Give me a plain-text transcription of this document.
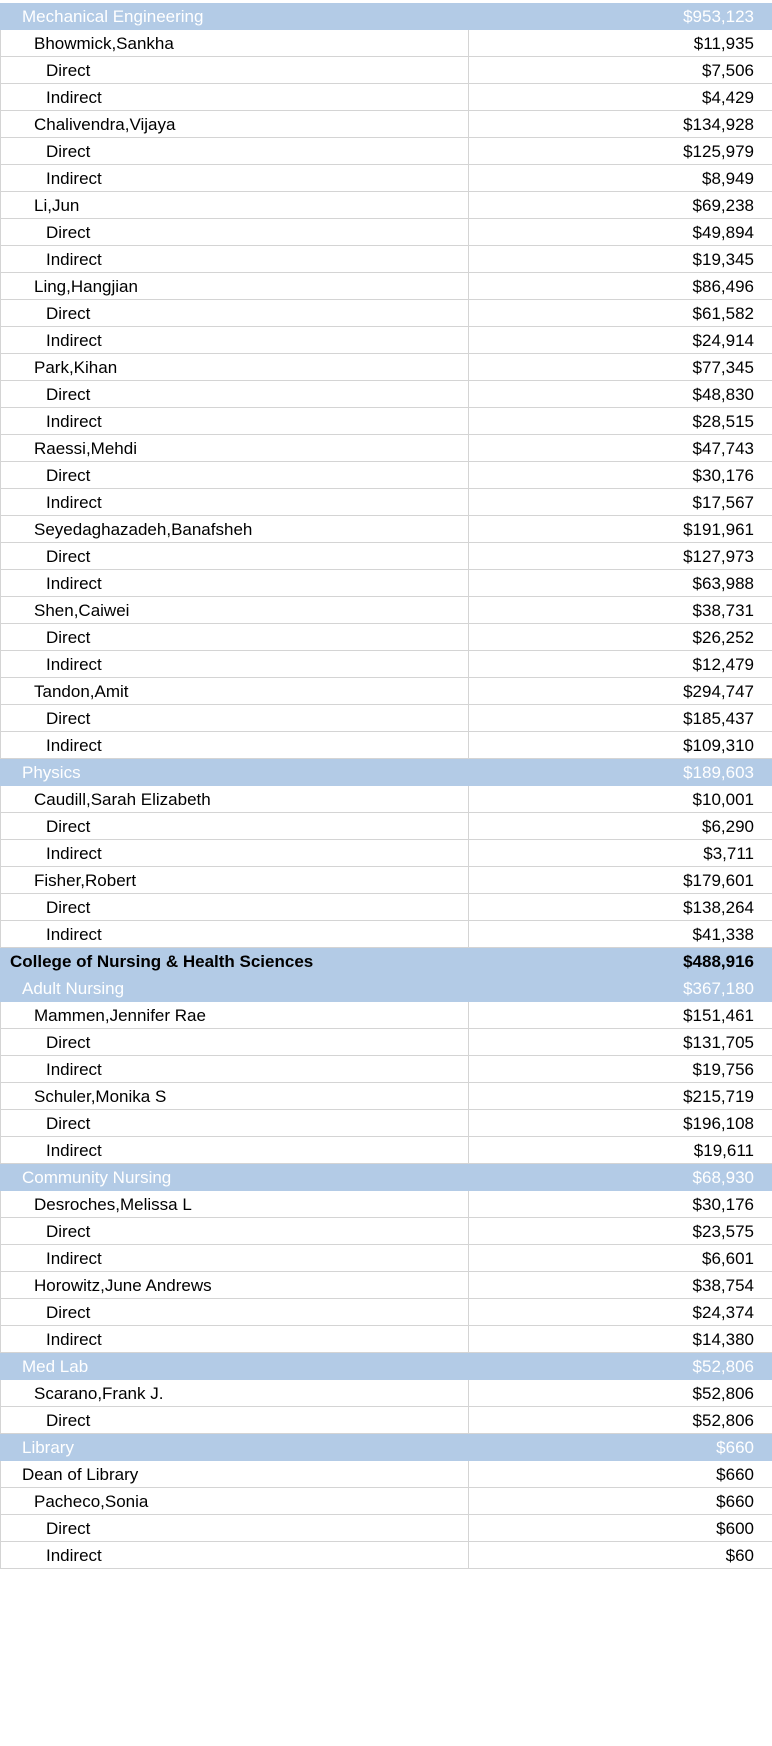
Mechanical Engineering	$953,123
Bhowmick,Sankha	$11,935
Direct	$7,506
Indirect	$4,429
Chalivendra,Vijaya	$134,928
Direct	$125,979
Indirect	$8,949
Li,Jun	$69,238
Direct	$49,894
Indirect	$19,345
Ling,Hangjian	$86,496
Direct	$61,582
Indirect	$24,914
Park,Kihan	$77,345
Direct	$48,830
Indirect	$28,515
Raessi,Mehdi	$47,743
Direct	$30,176
Indirect	$17,567
Seyedaghazadeh,Banafsheh	$191,961
Direct	$127,973
Indirect	$63,988
Shen,Caiwei	$38,731
Direct	$26,252
Indirect	$12,479
Tandon,Amit	$294,747
Direct	$185,437
Indirect	$109,310
Physics	$189,603
Caudill,Sarah Elizabeth	$10,001
Direct	$6,290
Indirect	$3,711
Fisher,Robert	$179,601
Direct	$138,264
Indirect	$41,338
College of Nursing & Health Sciences	$488,916
Adult Nursing	$367,180
Mammen,Jennifer Rae	$151,461
Direct	$131,705
Indirect	$19,756
Schuler,Monika S	$215,719
Direct	$196,108
Indirect	$19,611
Community Nursing	$68,930
Desroches,Melissa L	$30,176
Direct	$23,575
Indirect	$6,601
Horowitz,June Andrews	$38,754
Direct	$24,374
Indirect	$14,380
Med Lab	$52,806
Scarano,Frank J.	$52,806
Direct	$52,806
Library	$660
Dean of Library	$660
Pacheco,Sonia	$660
Direct	$600
Indirect	$60
